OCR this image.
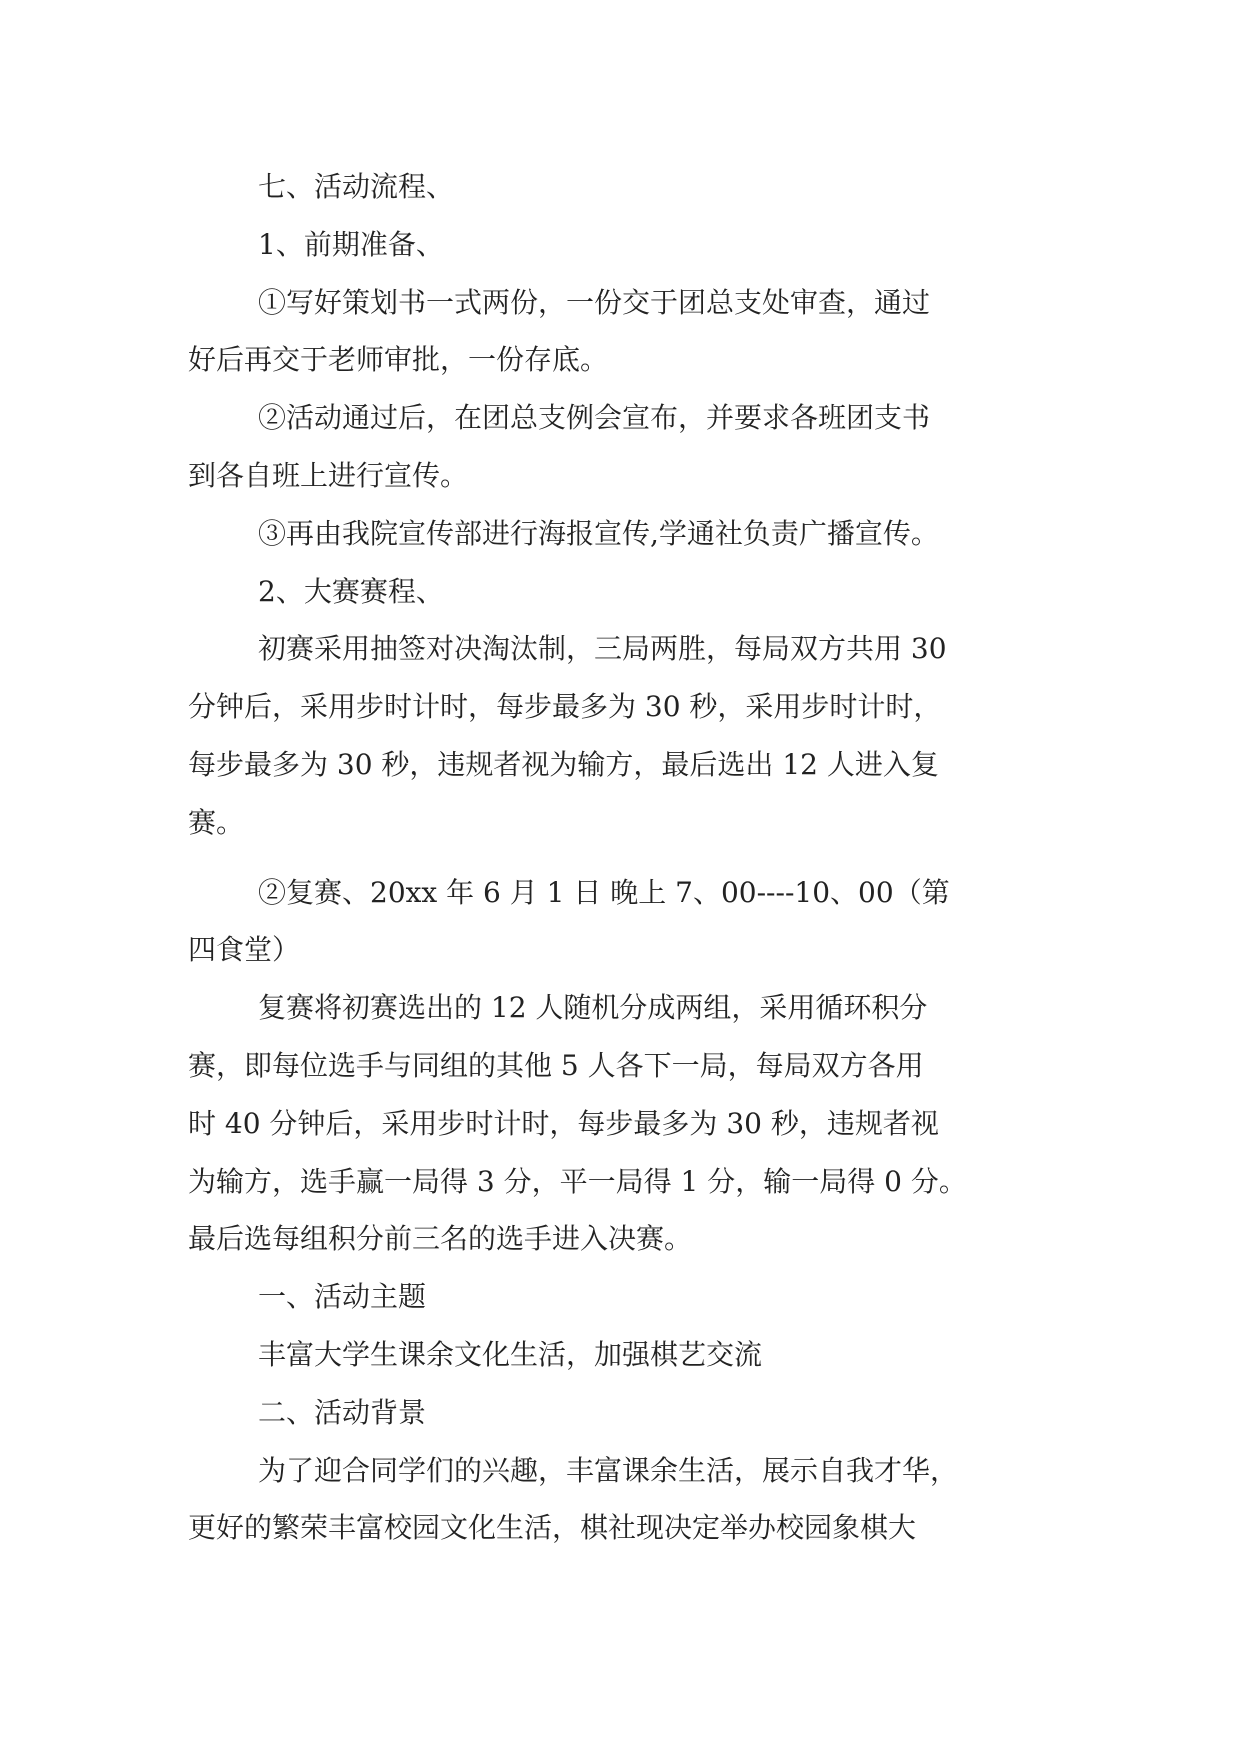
七、活动流程、

1、前期准备、

①写好策划书一式两份，一份交于团总支处审查，通过

好后再交于老师审批，一份存底。

②活动通过后，在团总支例会宣布，并要求各班团支书

到各自班上进行宣传。

③再由我院宣传部进行海报宣传,学通社负责广播宣传。

2、大赛赛程、

初赛采用抽签对决淘汰制，三局两胜，每局双方共用 30

分钟后，采用步时计时，每步最多为 30 秒，采用步时计时，

每步最多为 30 秒，违规者视为输方，最后选出 12 人进入复

赛。

②复赛、20xx 年 6 月 1 日 晚上 7、00----10、00（第

四食堂）

复赛将初赛选出的 12 人随机分成两组，采用循环积分

赛，即每位选手与同组的其他 5 人各下一局，每局双方各用

时 40 分钟后，采用步时计时，每步最多为 30 秒，违规者视

为输方，选手赢一局得 3 分，平一局得 1 分，输一局得 0 分。

最后选每组积分前三名的选手进入决赛。

一、活动主题

丰富大学生课余文化生活，加强棋艺交流

二、活动背景

为了迎合同学们的兴趣，丰富课余生活，展示自我才华，

更好的繁荣丰富校园文化生活，棋社现决定举办校园象棋大
